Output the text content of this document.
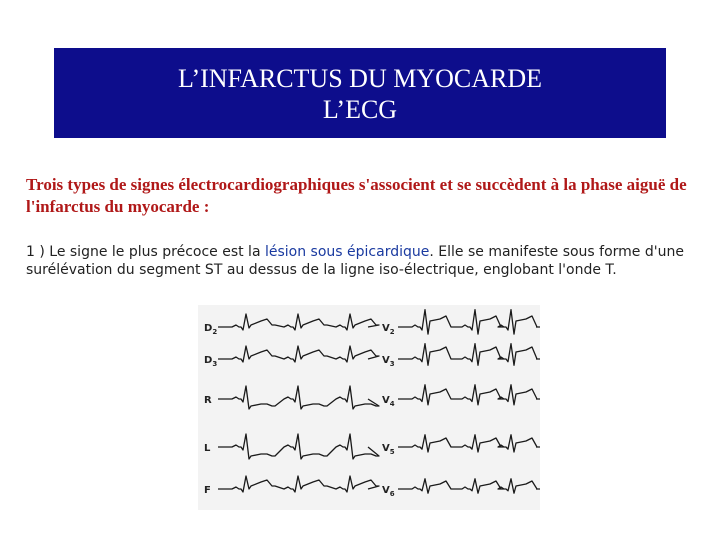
L’INFARCTUS DU MYOCARDE
L’ECG
Trois types de signes électrocardiographiques s'associent et se succèdent à la phase aiguë de l'infarctus du myocarde :
1 ) Le signe le plus précoce est la lésion sous épicardique. Elle se manifeste sous forme d'une surélévation du segment ST au dessus de la ligne iso-électrique, englobant l'onde T.
$D_2$
$D_3$
R
L
F
$V_2$
$V_3$
$V_4$
$V_5$
$V_6$
